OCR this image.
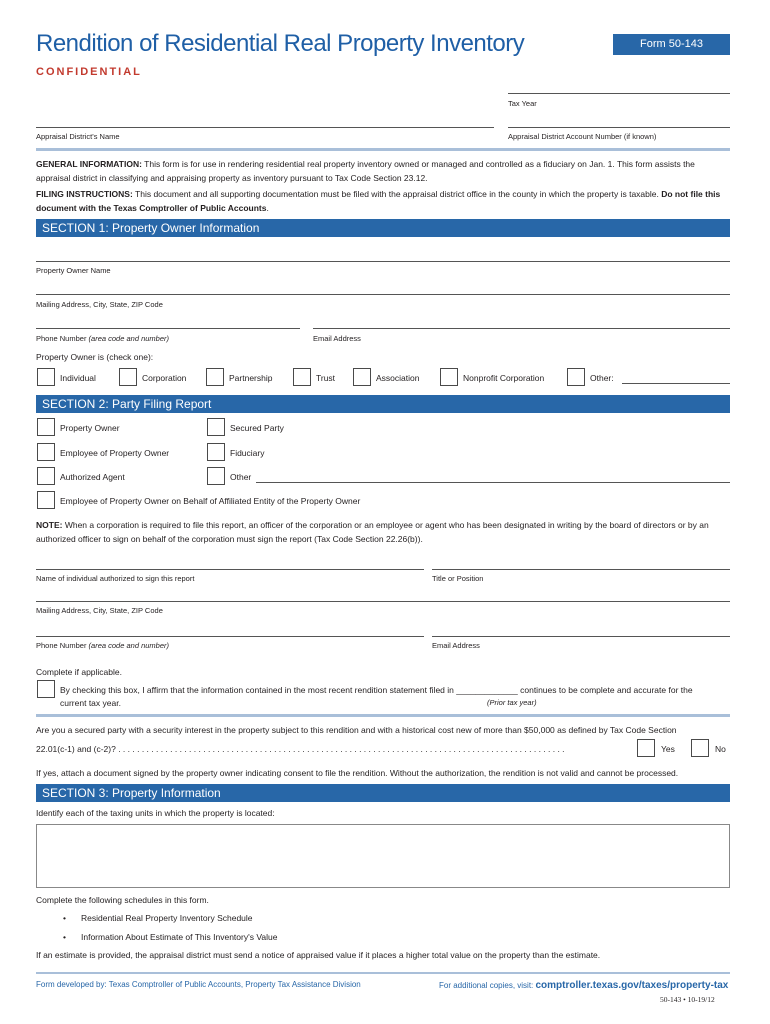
Rendition of Residential Real Property Inventory	Form 50-143
CONFIDENTIAL
Tax Year
Appraisal District's Name	Appraisal District Account Number (if known)
GENERAL INFORMATION: This form is for use in rendering residential real property inventory owned or managed and controlled as a fiduciary on Jan. 1. This form assists the appraisal district in classifying and appraising property as inventory pursuant to Tax Code Section 23.12.
FILING INSTRUCTIONS: This document and all supporting documentation must be filed with the appraisal district office in the county in which the property is taxable. Do not file this document with the Texas Comptroller of Public Accounts.
SECTION 1: Property Owner Information
Property Owner Name
Mailing Address, City, State, ZIP Code
Phone Number (area code and number)	Email Address
Property Owner is (check one):
Individual	Corporation	Partnership	Trust	Association	Nonprofit Corporation	Other:
SECTION 2: Party Filing Report
Property Owner	Secured Party
Employee of Property Owner	Fiduciary
Authorized Agent	Other
Employee of Property Owner on Behalf of Affiliated Entity of the Property Owner
NOTE: When a corporation is required to file this report, an officer of the corporation or an employee or agent who has been designated in writing by the board of directors or by an authorized officer to sign on behalf of the corporation must sign the report (Tax Code Section 22.26(b)).
Name of individual authorized to sign this report	Title or Position
Mailing Address, City, State, ZIP Code
Phone Number (area code and number)	Email Address
Complete if applicable.
By checking this box, I affirm that the information contained in the most recent rendition statement filed in _____________ continues to be complete and accurate for the
current tax year.	(Prior tax year)
Are you a secured party with a security interest in the property subject to this rendition and with a historical cost new of more than $50,000 as defined by Tax Code Section
22.01(c-1) and (c-2)? . . . . . . . . . . . . . . . . . . . . . . . . . . . . . . . . . . . . . . . . . . . . . . . . . . . . . . . . . . . . . . . . . . . . . . . . . . . . . . . . . . . . . . . . . . . . . . .	Yes	No
If yes, attach a document signed by the property owner indicating consent to file the rendition. Without the authorization, the rendition is not valid and cannot be processed.
SECTION 3: Property Information
Identify each of the taxing units in which the property is located:
Complete the following schedules in this form.
• Residential Real Property Inventory Schedule
• Information About Estimate of This Inventory's Value
If an estimate is provided, the appraisal district must send a notice of appraised value if it places a higher total value on the property than the estimate.
Form developed by: Texas Comptroller of Public Accounts, Property Tax Assistance Division	For additional copies, visit: comptroller.texas.gov/taxes/property-tax
50-143 • 10-19/12
